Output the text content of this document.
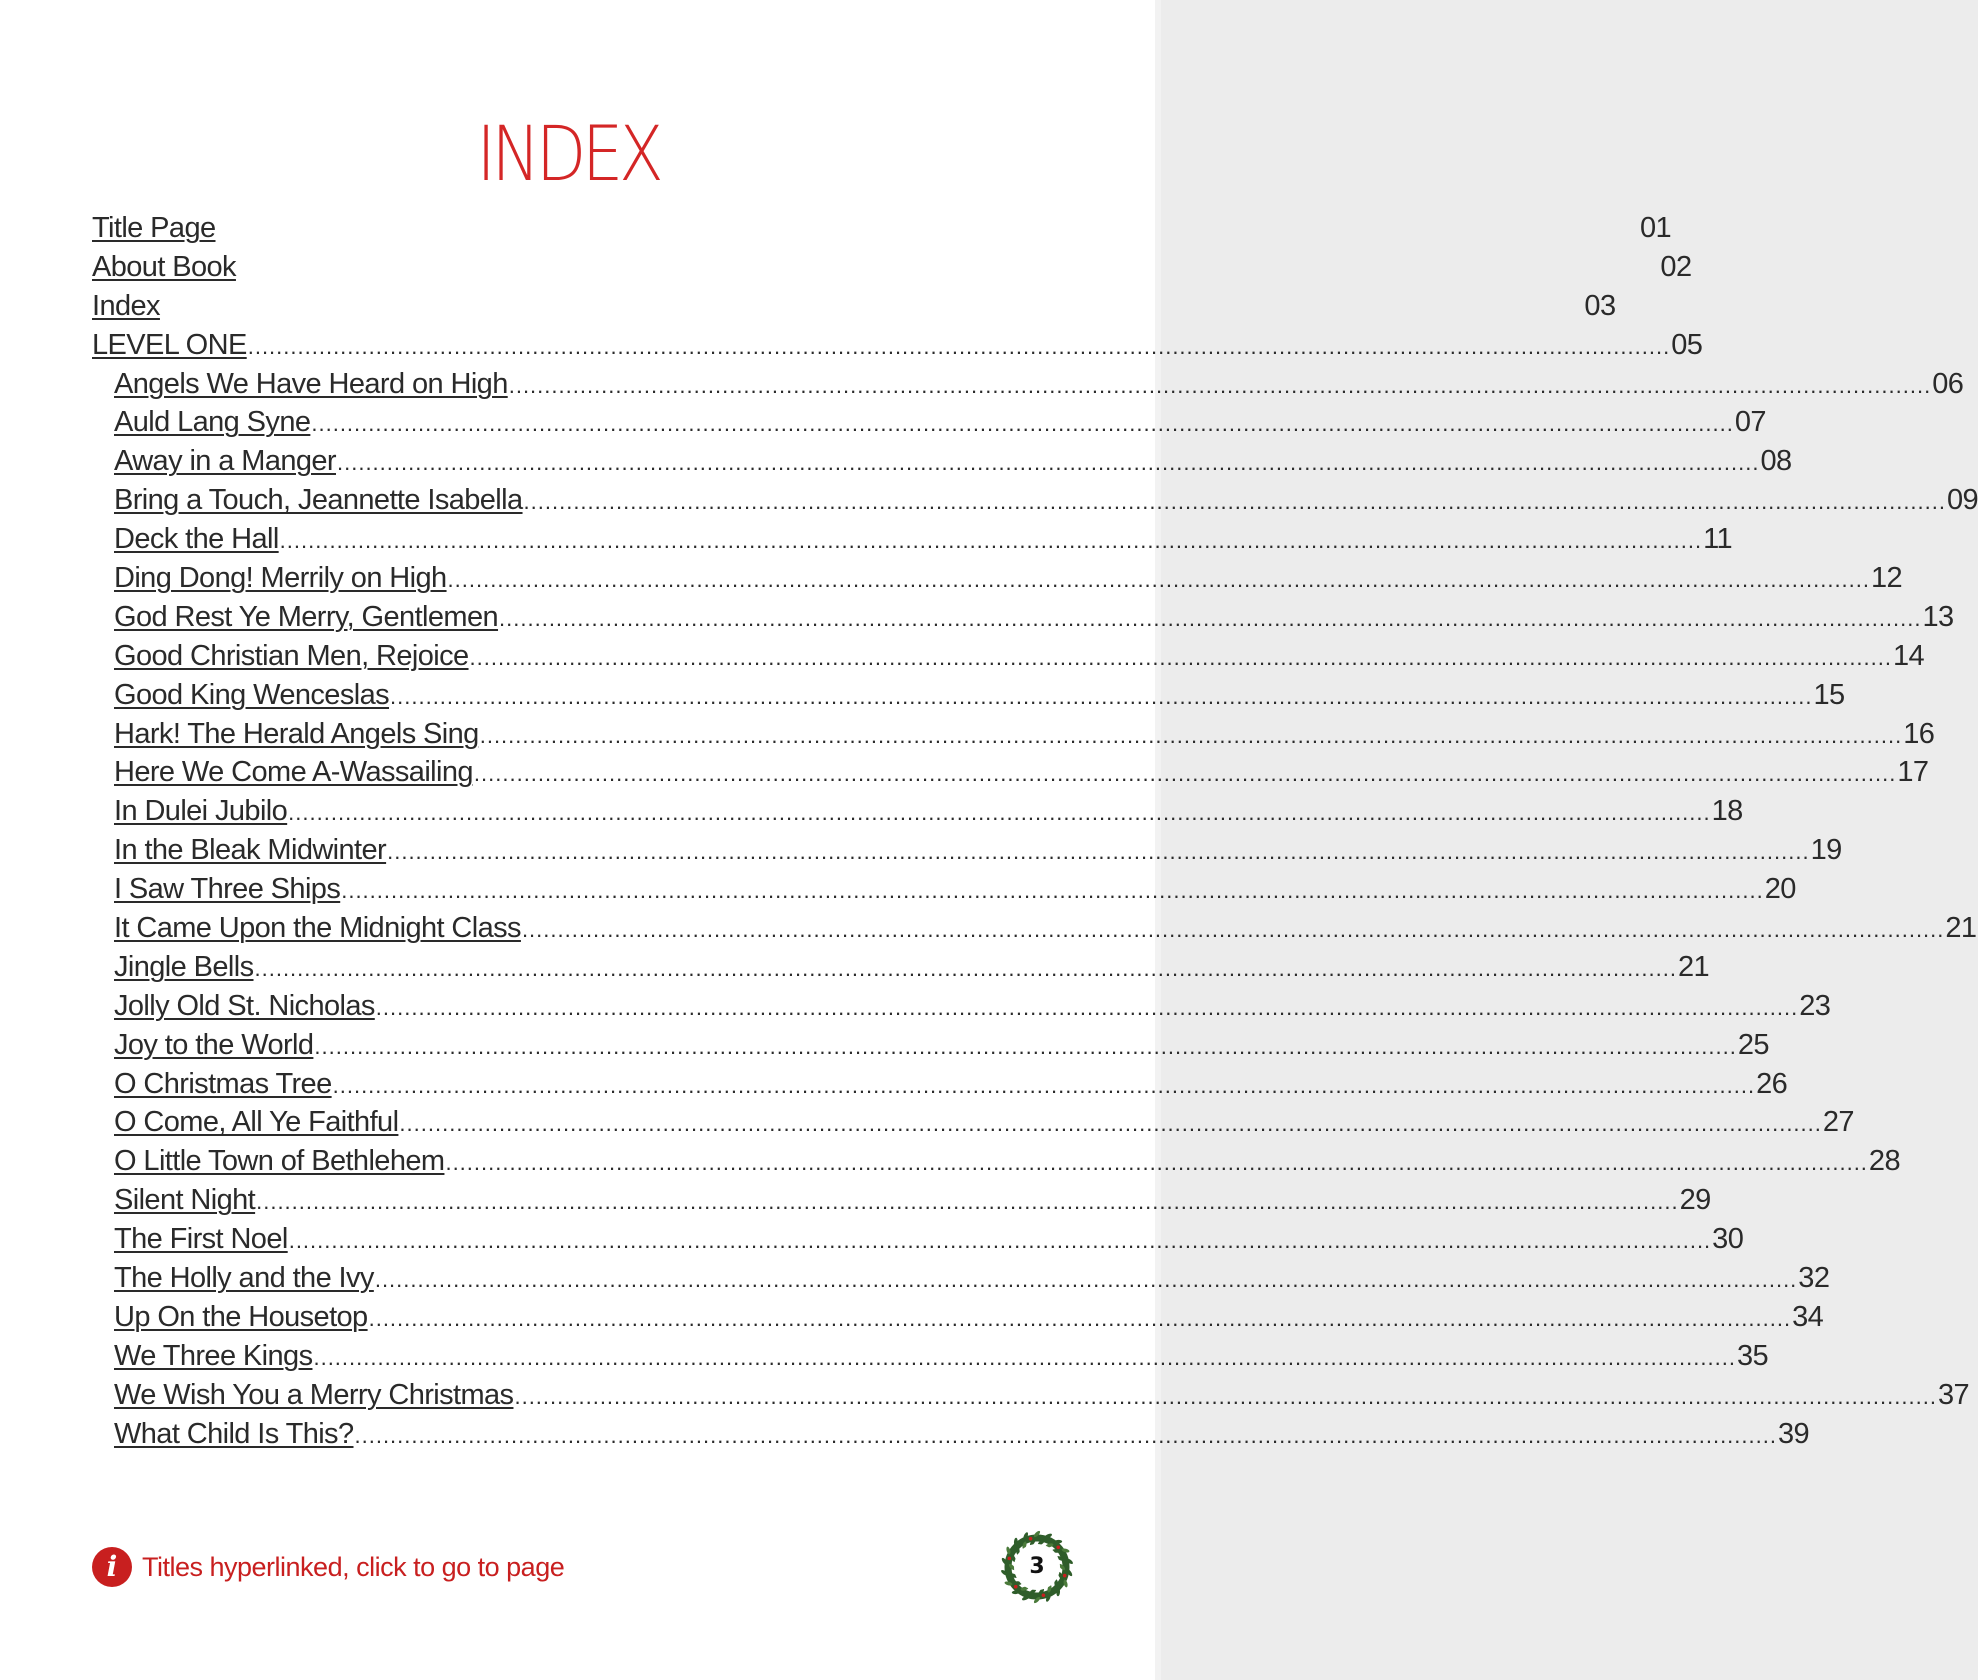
INDEX
Title Page	01
About Book	02
Index	03
LEVEL ONE ........................................................................................................................................................................................................ 05
Angels We Have Heard on High ........................................................................................................................................................................................................ 06
Auld Lang Syne ........................................................................................................................................................................................................ 07
Away in a Manger ........................................................................................................................................................................................................ 08
Bring a Touch, Jeannette Isabella ........................................................................................................................................................................................................ 09
Deck the Hall ........................................................................................................................................................................................................ 11
Ding Dong! Merrily on High ........................................................................................................................................................................................................ 12
God Rest Ye Merry, Gentlemen ........................................................................................................................................................................................................ 13
Good Christian Men, Rejoice ........................................................................................................................................................................................................ 14
Good King Wenceslas ........................................................................................................................................................................................................ 15
Hark! The Herald Angels Sing ........................................................................................................................................................................................................ 16
Here We Come A-Wassailing ........................................................................................................................................................................................................ 17
In Dulei Jubilo ........................................................................................................................................................................................................ 18
In the Bleak Midwinter ........................................................................................................................................................................................................ 19
I Saw Three Ships ........................................................................................................................................................................................................ 20
It Came Upon the Midnight Class ........................................................................................................................................................................................................ 21
Jingle Bells ........................................................................................................................................................................................................ 21
Jolly Old St. Nicholas ........................................................................................................................................................................................................ 23
Joy to the World ........................................................................................................................................................................................................ 25
O Christmas Tree ........................................................................................................................................................................................................ 26
O Come, All Ye Faithful ........................................................................................................................................................................................................ 27
O Little Town of Bethlehem ........................................................................................................................................................................................................ 28
Silent Night ........................................................................................................................................................................................................ 29
The First Noel ........................................................................................................................................................................................................ 30
The Holly and the Ivy ........................................................................................................................................................................................................ 32
Up On the Housetop ........................................................................................................................................................................................................ 34
We Three Kings ........................................................................................................................................................................................................ 35
We Wish You a Merry Christmas ........................................................................................................................................................................................................ 37
What Child Is This? ........................................................................................................................................................................................................ 39
i Titles hyperlinked, click to go to page	3
